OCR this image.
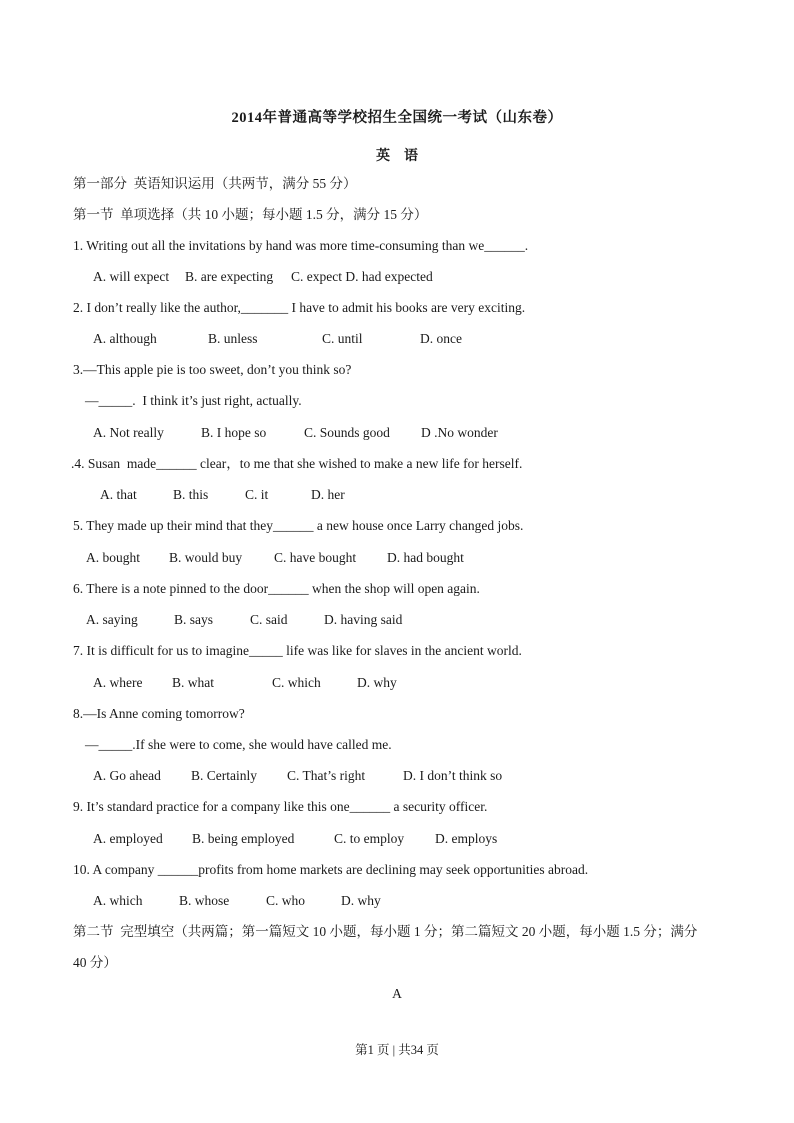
2014年普通高等学校招生全国统一考试（山东卷）
英语
第一部分  英语知识运用（共两节，满分 55 分）
第一节  单项选择（共 10 小题；每小题 1.5 分，满分 15 分）
1. Writing out all the invitations by hand was more time-consuming than we______.

A. will expect

B. are expecting

C. expect D. had expected

2. I don’t really like the author,_______ I have to admit his books are very exciting.

A. although

	B. unless

	C. until

	D. once

3.—This apple pie is too sweet, don’t you think so?
—_____.  I think it’s just right, actually.

A. Not really

	B. I hope so

	C. Sounds good

D .No wonder

.4. Susan  made______ clear，to me that she wished to make a new life for herself.

A. that

	B. this

	C. it

	D. her

5. They made up their mind that they______ a new house once Larry changed jobs.

A. bought

B. would buy

C. have bought

D. had bought

6. There is a note pinned to the door______ when the shop will open again.

A. saying

	B. says

	C. said

	D. having said

7. It is difficult for us to imagine_____ life was like for slaves in the ancient world.

A. where

B. what

	C. which

	D. why

8.—Is Anne coming tomorrow?
—_____.If she were to come, she would have called me.

A. Go ahead

B. Certainly

C. That’s right

	D. I don’t think so

9. It’s standard practice for a company like this one______ a security officer.

A. employed

B. being employed

	C. to employ

D. employs

10. A company ______profits from home markets are declining may seek opportunities abroad.

A. which

	B. whose

	C. who

	D. why

第二节  完型填空（共两篇；第一篇短文 10 小题，每小题 1 分；第二篇短文 20 小题，每小题 1.5 分；满分
40 分）
A
第1 页 | 共34 页
